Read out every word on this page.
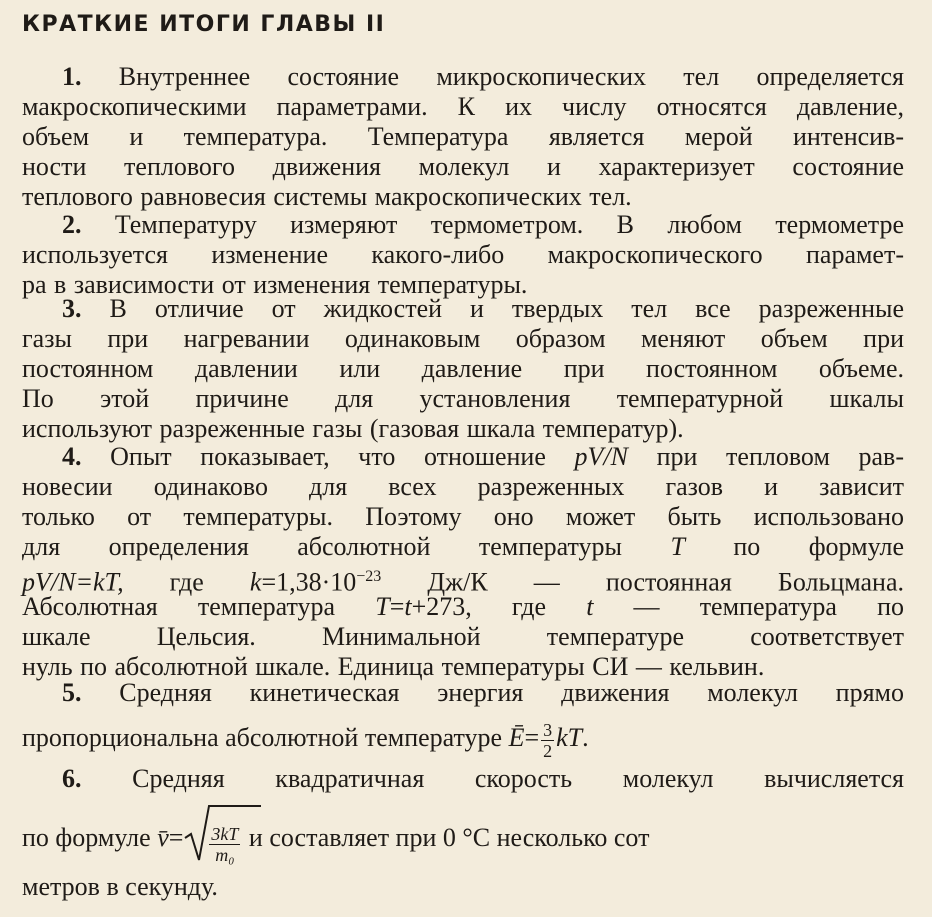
КРАТКИЕ ИТОГИ ГЛАВЫ II
1. Внутреннее состояние микроскопических тел определяется
макроскопическими параметрами. К их числу относятся давление,
объем и температура. Температура является мерой интенсив-
ности теплового движения молекул и характеризует состояние
теплового равновесия системы макроскопических тел.
2. Температуру измеряют термометром. В любом термометре
используется изменение какого-либо макроскопического парамет-
ра в зависимости от изменения температуры.
3. В отличие от жидкостей и твердых тел все разреженные
газы при нагревании одинаковым образом меняют объем при
постоянном давлении или давление при постоянном объеме.
По этой причине для установления температурной шкалы
используют разреженные газы (газовая шкала температур).
4. Опыт показывает, что отношение pV/N при тепловом рав-
новесии одинаково для всех разреженных газов и зависит
только от температуры. Поэтому оно может быть использовано
для определения абсолютной температуры T по формуле
pV/N=kT, где $k=1,38\cdot 10^{-23}$ Дж/К — постоянная Больцмана.
Абсолютная температура T=t+273, где t — температура по
шкале Цельсия. Минимальной температуре соответствует
нуль по абсолютной шкале. Единица температуры СИ — кельвин.
5. Средняя кинетическая энергия движения молекул прямо
пропорциональна абсолютной температуре Ē= $\frac{3}{2}$ kT.
6. Средняя квадратичная скорость молекул вычисляется
по формуле v̄= $\frac{3kT}{\text{m₀}}$ и составляет при 0 °С несколько сот
метров в секунду.
